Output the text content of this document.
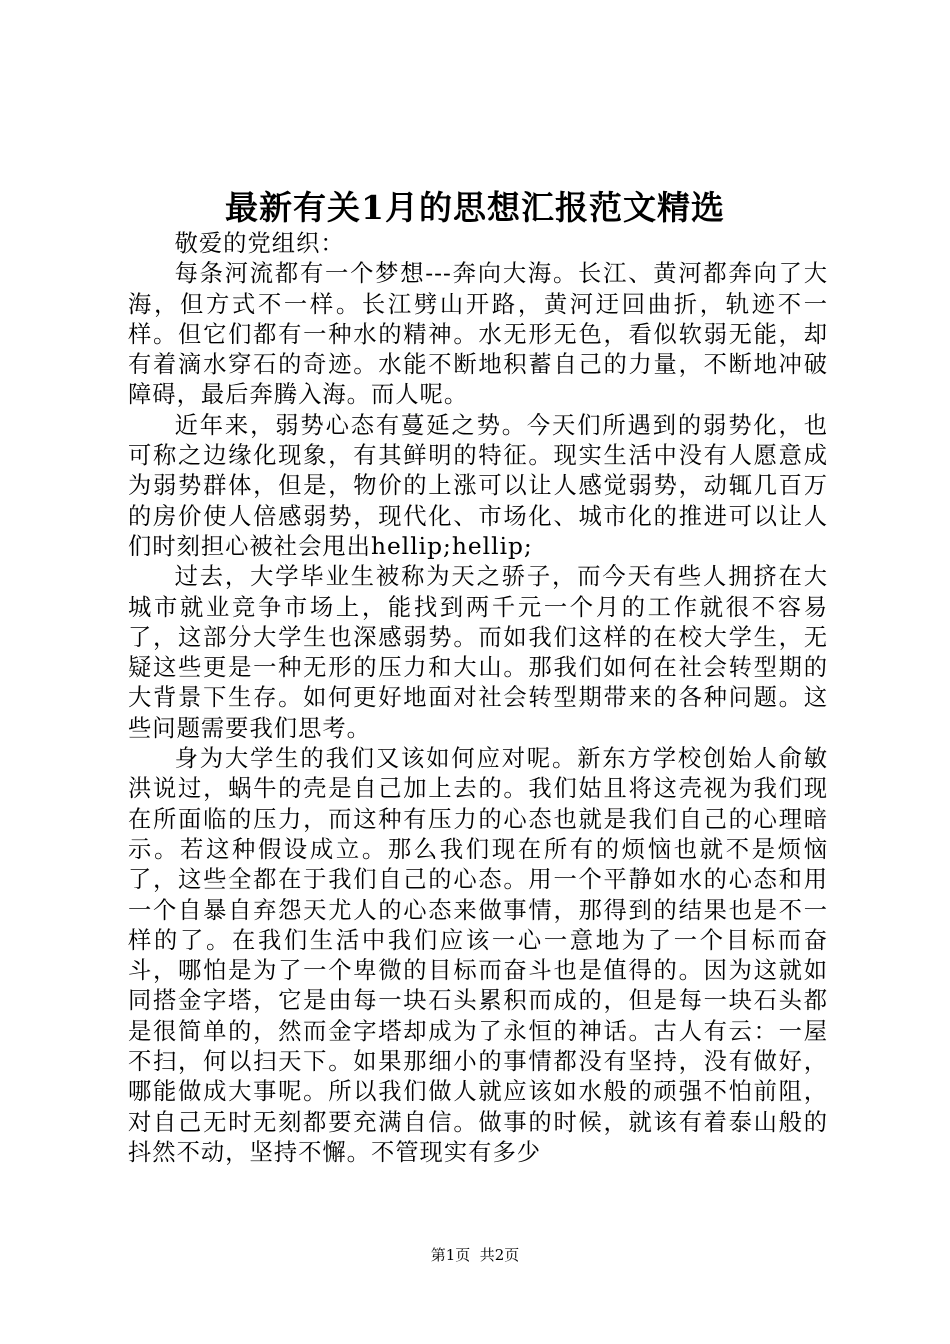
最新有关1月的思想汇报范文精选

敬爱的党组织：

每条河流都有一个梦想---奔向大海。长江、黄河都奔向了大海，但方式不一样。长江劈山开路，黄河迂回曲折，轨迹不一样。但它们都有一种水的精神。水无形无色，看似软弱无能，却有着滴水穿石的奇迹。水能不断地积蓄自己的力量，不断地冲破障碍，最后奔腾入海。而人呢。

近年来，弱势心态有蔓延之势。今天们所遇到的弱势化，也可称之边缘化现象，有其鲜明的特征。现实生活中没有人愿意成为弱势群体，但是，物价的上涨可以让人感觉弱势，动辄几百万的房价使人倍感弱势，现代化、市场化、城市化的推进可以让人们时刻担心被社会甩出hellip;hellip;

过去，大学毕业生被称为天之骄子，而今天有些人拥挤在大城市就业竞争市场上，能找到两千元一个月的工作就很不容易了，这部分大学生也深感弱势。而如我们这样的在校大学生，无疑这些更是一种无形的压力和大山。那我们如何在社会转型期的大背景下生存。如何更好地面对社会转型期带来的各种问题。这些问题需要我们思考。

身为大学生的我们又该如何应对呢。新东方学校创始人俞敏洪说过，蜗牛的壳是自己加上去的。我们姑且将这壳视为我们现在所面临的压力，而这种有压力的心态也就是我们自己的心理暗示。若这种假设成立。那么我们现在所有的烦恼也就不是烦恼了，这些全都在于我们自己的心态。用一个平静如水的心态和用一个自暴自弃怨天尤人的心态来做事情，那得到的结果也是不一样的了。在我们生活中我们应该一心一意地为了一个目标而奋斗，哪怕是为了一个卑微的目标而奋斗也是值得的。因为这就如同搭金字塔，它是由每一块石头累积而成的，但是每一块石头都是很简单的，然而金字塔却成为了永恒的神话。古人有云：一屋不扫，何以扫天下。如果那细小的事情都没有坚持，没有做好，哪能做成大事呢。所以我们做人就应该如水般的顽强不怕前阻，对自己无时无刻都要充满自信。做事的时候，就该有着泰山般的抖然不动，坚持不懈。不管现实有多少

第1页  共2页
